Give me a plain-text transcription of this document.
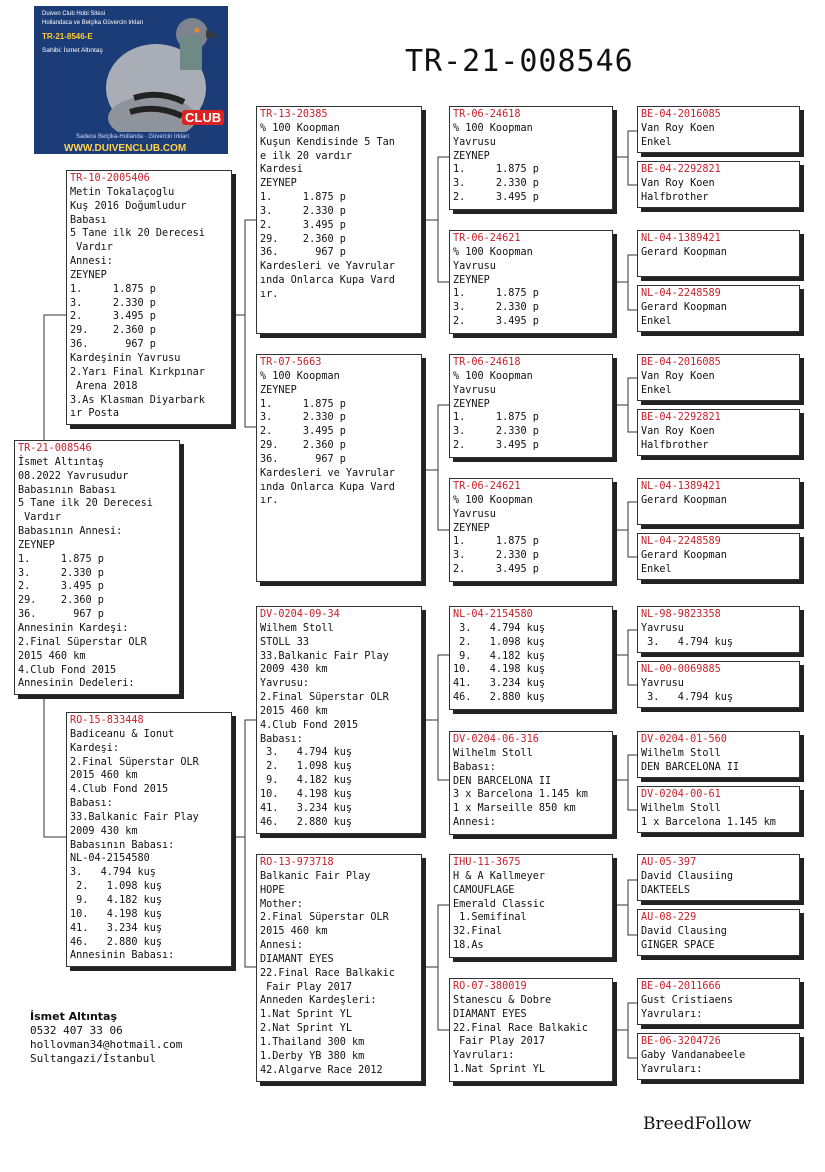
Duiven Club Hobi Sitesi
Hollandaca ve Belçika Güvercin Irkları
TR-21-8546-E
Sahibi: İsmet Altıntaş
CLUB
Sadece Belçika-Hollanda · Güvercin Irkları
WWW.DUIVENCLUB.COM
TR-21-008546
TR-21-008546
İsmet Altıntaş
08.2022 Yavrusudur
Babasının Babası
5 Tane ilk 20 Derecesi
Vardır
Babasının Annesi:
ZEYNEP
1.     1.875 p
3.     2.330 p
2.     3.495 p
29.    2.360 p
36.      967 p
Annesinin Kardeşi:
2.Final Süperstar OLR
2015 460 km
4.Club Fond 2015
Annesinin Dedeleri:
TR-10-2005406
Metin Tokalaçoglu
Kuş 2016 Doğumludur
Babası
5 Tane ilk 20 Derecesi
Vardır
Annesi:
ZEYNEP
1.     1.875 p
3.     2.330 p
2.     3.495 p
29.    2.360 p
36.      967 p
Kardeşinin Yavrusu
2.Yarı Final Kırkpınar
Arena 2018
3.As Klasman Diyarbark
ır Posta
RO-15-833448
Badiceanu & Ionut
Kardeşi:
2.Final Süperstar OLR
2015 460 km
4.Club Fond 2015
Babası:
33.Balkanic Fair Play
2009 430 km
Babasının Babası:
NL-04-2154580
3.   4.794 kuş
2.   1.098 kuş
9.   4.182 kuş
10.   4.198 kuş
41.   3.234 kuş
46.   2.880 kuş
Annesinin Babası:
TR-13-20385
% 100 Koopman
Kuşun Kendisinde 5 Tan
e ilk 20 vardır
Kardesi
ZEYNEP
1.     1.875 p
3.     2.330 p
2.     3.495 p
29.    2.360 p
36.      967 p
Kardesleri ve Yavrular
ında Onlarca Kupa Vard
ır.
TR-07-5663
% 100 Koopman
ZEYNEP
1.     1.875 p
3.     2.330 p
2.     3.495 p
29.    2.360 p
36.      967 p
Kardesleri ve Yavrular
ında Onlarca Kupa Vard
ır.
DV-0204-09-34
Wilhem Stoll
STOLL 33
33.Balkanic Fair Play
2009 430 km
Yavrusu:
2.Final Süperstar OLR
2015 460 km
4.Club Fond 2015
Babası:
3.   4.794 kuş
2.   1.098 kuş
9.   4.182 kuş
10.   4.198 kuş
41.   3.234 kuş
46.   2.880 kuş
RO-13-973718
Balkanic Fair Play
HOPE
Mother:
2.Final Süperstar OLR
2015 460 km
Annesi:
DIAMANT EYES
22.Final Race Balkakic
Fair Play 2017
Anneden Kardeşleri:
1.Nat Sprint YL
2.Nat Sprint YL
1.Thailand 300 km
1.Derby YB 380 km
42.Algarve Race 2012
TR-06-24618
% 100 Koopman
Yavrusu
ZEYNEP
1.     1.875 p
3.     2.330 p
2.     3.495 p
TR-06-24621
% 100 Koopman
Yavrusu
ZEYNEP
1.     1.875 p
3.     2.330 p
2.     3.495 p
TR-06-24618
% 100 Koopman
Yavrusu
ZEYNEP
1.     1.875 p
3.     2.330 p
2.     3.495 p
TR-06-24621
% 100 Koopman
Yavrusu
ZEYNEP
1.     1.875 p
3.     2.330 p
2.     3.495 p
NL-04-2154580
3.   4.794 kuş
2.   1.098 kuş
9.   4.182 kuş
10.   4.198 kuş
41.   3.234 kuş
46.   2.880 kuş
DV-0204-06-316
Wilhelm Stoll
Babası:
DEN BARCELONA II
3 x Barcelona 1.145 km
1 x Marseille 850 km
Annesi:
IHU-11-3675
H & A Kallmeyer
CAMOUFLAGE
Emerald Classic
1.Semifinal
32.Final
18.As
RO-07-380019
Stanescu & Dobre
DIAMANT EYES
22.Final Race Balkakic
Fair Play 2017
Yavruları:
1.Nat Sprint YL
BE-04-2016085
Van Roy Koen
Enkel
BE-04-2292821
Van Roy Koen
Halfbrother
NL-04-1389421
Gerard Koopman
NL-04-2248589
Gerard Koopman
Enkel
BE-04-2016085
Van Roy Koen
Enkel
BE-04-2292821
Van Roy Koen
Halfbrother
NL-04-1389421
Gerard Koopman
NL-04-2248589
Gerard Koopman
Enkel
NL-98-9823358
Yavrusu
3.   4.794 kuş
NL-00-0069885
Yavrusu
3.   4.794 kuş
DV-0204-01-560
Wilhelm Stoll
DEN BARCELONA II
DV-0204-00-61
Wilhelm Stoll
1 x Barcelona 1.145 km
AU-05-397
David Clausiing
DAKTEELS
AU-08-229
David Clausing
GINGER SPACE
BE-04-2011666
Gust Cristiaens
Yavruları:
BE-06-3204726
Gaby Vandanabeele
Yavruları:
İsmet Altıntaş
0532 407 33 06
hollovman34@hotmail.com
Sultangazi/İstanbul
BreedFollow
